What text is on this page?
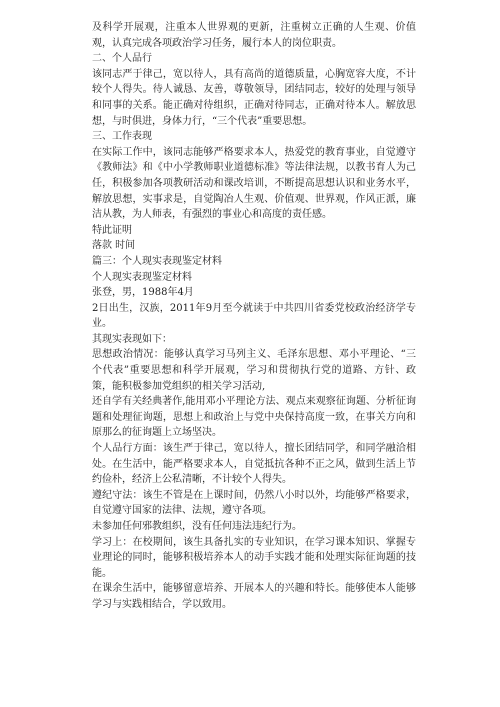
及科学开展观，注重本人世界观的更新，注重树立正确的人生观、价值观，认真完成各项政治学习任务，履行本人的岗位职责。

二、个人品行

该同志严于律己，宽以待人，具有高尚的道德质量，心胸宽容大度，不计较个人得失。待人诚恳、友善，尊敬领导，团结同志，较好的处理与领导和同事的关系。能正确对待组织，正确对待同志，正确对待本人。解放思想，与时俱进，身体力行，“三个代表”重要思想。

三、工作表现

在实际工作中，该同志能够严格要求本人，热爱党的教育事业，自觉遵守《教师法》和《中小学教师职业道德标准》等法律法规，以教书育人为己任，积极参加各项教研活动和课改培训，不断提高思想认识和业务水平，解放思想，实事求是，自觉陶冶人生观、价值观、世界观，作风正派，廉洁从教，为人师表，有强烈的事业心和高度的责任感。

特此证明

落款 时间

篇三：个人现实表现鉴定材料

个人现实表现鉴定材料

张登，男，1988年4月

2日出生，汉族，2011年9月至今就读于中共四川省委党校政治经济学专业。

其现实表现如下：

思想政治情况：能够认真学习马列主义、毛泽东思想、邓小平理论、“三个代表”重要思想和科学开展观，学习和贯彻执行党的道路、方针、政策，能积极参加党组织的相关学习活动,

还自学有关经典著作,能用邓小平理论方法、观点来观察征询题、分析征询题和处理征询题，思想上和政治上与党中央保持高度一致，在事关方向和原那么的征询题上立场坚决。

个人品行方面：该生严于律己，宽以待人，擅长团结同学，和同学融洽相处。在生活中，能严格要求本人，自觉抵抗各种不正之风，做到生活上节约俭朴，经济上公私清晰，不计较个人得失。

遵纪守法：该生不管是在上课时间，仍然八小时以外，均能够严格要求，自觉遵守国家的法律、法规，遵守各项。

未参加任何邪教组织，没有任何违法违纪行为。

学习上：在校期间，该生具备扎实的专业知识，在学习课本知识、掌握专业理论的同时，能够积极培养本人的动手实践才能和处理实际征询题的技能。

在课余生活中，能够留意培养、开展本人的兴趣和特长。能够使本人能够学习与实践相结合，学以致用。
